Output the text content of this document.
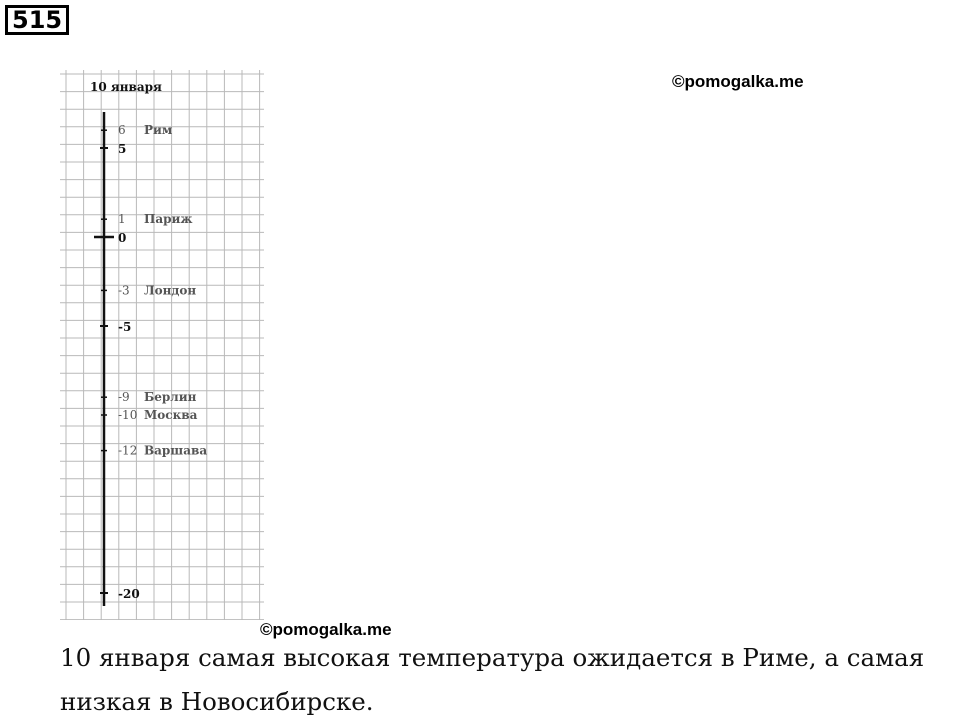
515
©pomogalka.me
10 января
5
0
-5
-20
6 Рим
1 Париж
-3 Лондон
-9 Берлин
-10 Москва
-12 Варшава
©pomogalka.me

10 января самая высокая температура ожидается в Риме, а самая
низкая в Новосибирске.
